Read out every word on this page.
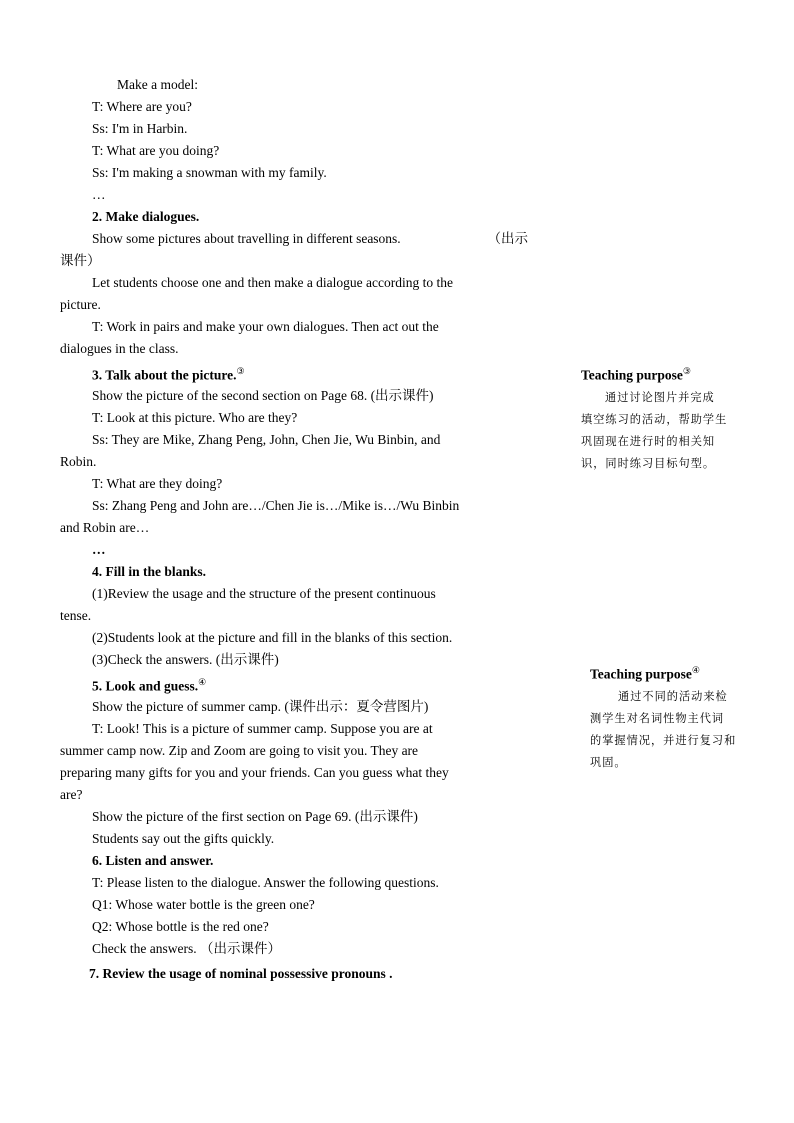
Make a model:
T: Where are you?
Ss: I'm in Harbin.
T: What are you doing?
Ss: I'm making a snowman with my family.
…
2. Make dialogues.
Show some pictures about travelling in different seasons.	（出示
课件）
Let students choose one and then make a dialogue according to the
picture.
T: Work in pairs and make your own dialogues. Then act out the
dialogues in the class.
3. Talk about the picture.③
Show the picture of the second section on Page 68. (出示课件)
T: Look at this picture. Who are they?
Ss: They are Mike, Zhang Peng, John, Chen Jie, Wu Binbin, and
Robin.
T: What are they doing?
Ss: Zhang Peng and John are…/Chen Jie is…/Mike is…/Wu Binbin
and Robin are…
…
4. Fill in the blanks.
(1)Review the usage and the structure of the present continuous
tense.
(2)Students look at the picture and fill in the blanks of this section.
(3)Check the answers. (出示课件)
5. Look and guess.④
Show the picture of summer camp. (课件出示：夏令营图片)
T: Look! This is a picture of summer camp. Suppose you are at
summer camp now. Zip and Zoom are going to visit you. They are
preparing many gifts for you and your friends. Can you guess what they
are?
Show the picture of the first section on Page 69. (出示课件)
Students say out the gifts quickly.
6. Listen and answer.
T: Please listen to the dialogue. Answer the following questions.
Q1: Whose water bottle is the green one?
Q2: Whose bottle is the red one?
Check the answers. （出示课件）
7. Review the usage of nominal possessive pronouns .
Teaching purpose③
通过讨论图片并完成
填空练习的活动，帮助学生
巩固现在进行时的相关知
识，同时练习目标句型。
Teaching purpose④
通过不同的活动来检
测学生对名词性物主代词
的掌握情况，并进行复习和
巩固。
